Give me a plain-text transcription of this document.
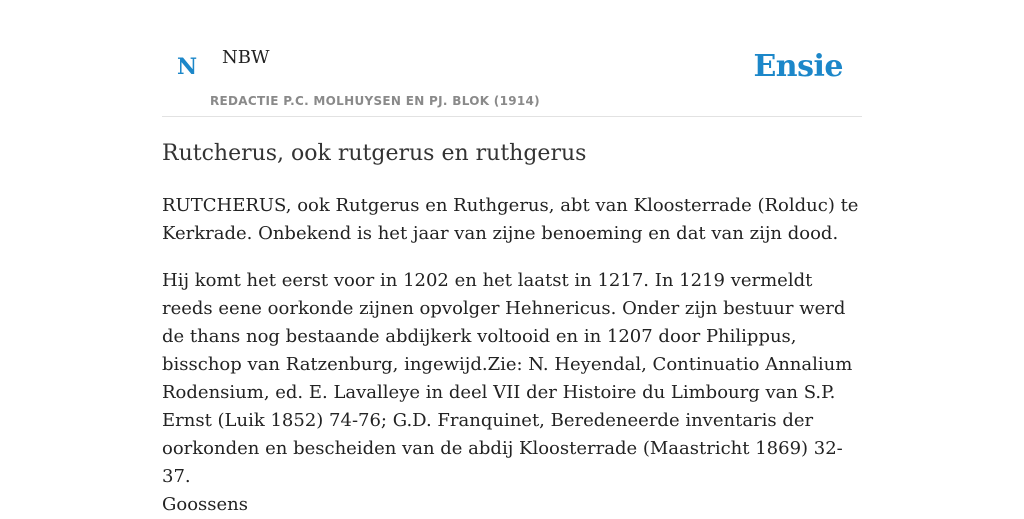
N NBW
REDACTIE P.C. MOLHUYSEN EN PJ. BLOK (1914)
Ensie
Rutcherus, ook rutgerus en ruthgerus

RUTCHERUS, ook Rutgerus en Ruthgerus, abt van Kloosterrade (Rolduc) te Kerkrade. Onbekend is het jaar van zijne benoeming en dat van zijn dood.

Hij komt het eerst voor in 1202 en het laatst in 1217. In 1219 vermeldt reeds eene oorkonde zijnen opvolger Hehnericus. Onder zijn bestuur werd de thans nog bestaande abdijkerk voltooid en in 1207 door Philippus, bisschop van Ratzenburg, ingewijd.Zie: N. Heyendal, Continuatio Annalium Rodensium, ed. E. Lavalleye in deel VII der Histoire du Limbourg van S.P. Ernst (Luik 1852) 74-76; G.D. Franquinet, Beredeneerde inventaris der oorkonden en bescheiden van de abdij Kloosterrade (Maastricht 1869) 32-37.

Goossens
